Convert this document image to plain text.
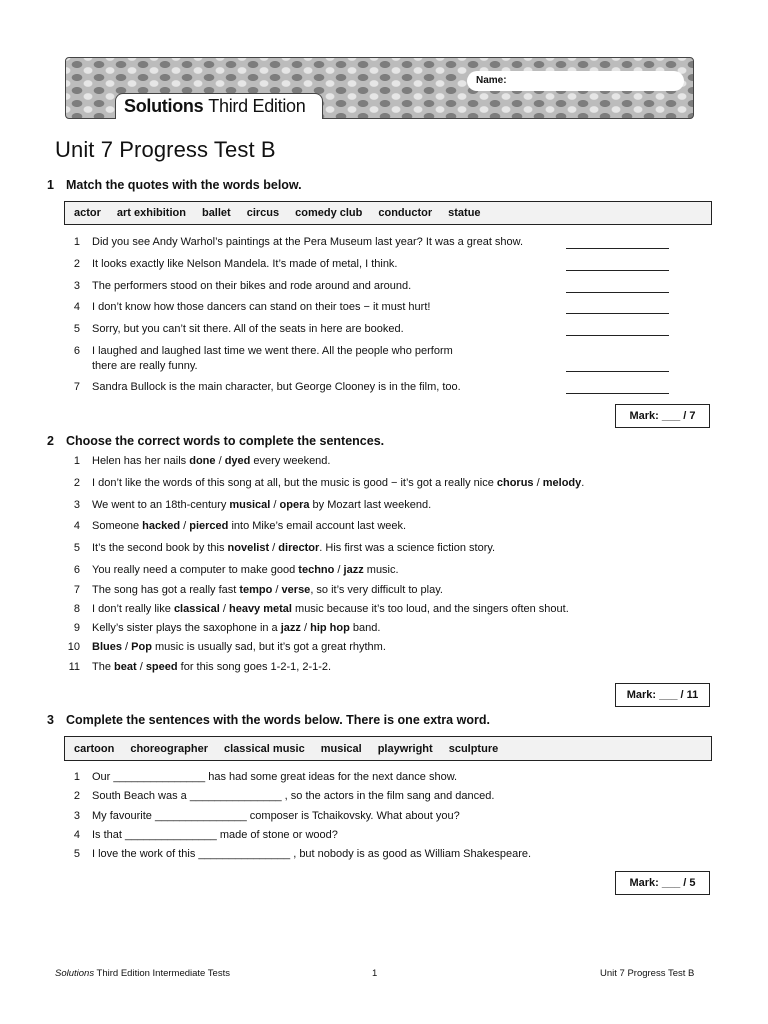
Name:
Solutions Third Edition
Unit 7 Progress Test B
1 Match the quotes with the words below.
actor art exhibition ballet circus comedy club conductor statue
1 Did you see Andy Warhol’s paintings at the Pera Museum last year? It was a great show.
2 It looks exactly like Nelson Mandela. It’s made of metal, I think.
3 The performers stood on their bikes and rode around and around.
4 I don’t know how those dancers can stand on their toes − it must hurt!
5 Sorry, but you can’t sit there. All of the seats in here are booked.
6 I laughed and laughed last time we went there. All the people who perform
there are really funny.
7 Sandra Bullock is the main character, but George Clooney is in the film, too.
Mark: ___ / 7
2 Choose the correct words to complete the sentences.
1 Helen has her nails done / dyed every weekend.
2 I don’t like the words of this song at all, but the music is good − it’s got a really nice chorus / melody.
3 We went to an 18th-century musical / opera by Mozart last weekend.
4 Someone hacked / pierced into Mike’s email account last week.
5 It’s the second book by this novelist / director. His first was a science fiction story.
6 You really need a computer to make good techno / jazz music.
7 The song has got a really fast tempo / verse, so it’s very difficult to play.
8 I don’t really like classical / heavy metal music because it’s too loud, and the singers often shout.
9 Kelly’s sister plays the saxophone in a jazz / hip hop band.
10 Blues / Pop music is usually sad, but it’s got a great rhythm.
11 The beat / speed for this song goes 1-2-1, 2-1-2.
Mark: ___ / 11
3 Complete the sentences with the words below. There is one extra word.
cartoon choreographer classical music musical playwright sculpture
1 Our _______________ has had some great ideas for the next dance show.
2 South Beach was a _______________ , so the actors in the film sang and danced.
3 My favourite _______________ composer is Tchaikovsky. What about you?
4 Is that _______________ made of stone or wood?
5 I love the work of this _______________ , but nobody is as good as William Shakespeare.
Mark: ___ / 5
Solutions Third Edition Intermediate Tests	1	Unit 7 Progress Test B
